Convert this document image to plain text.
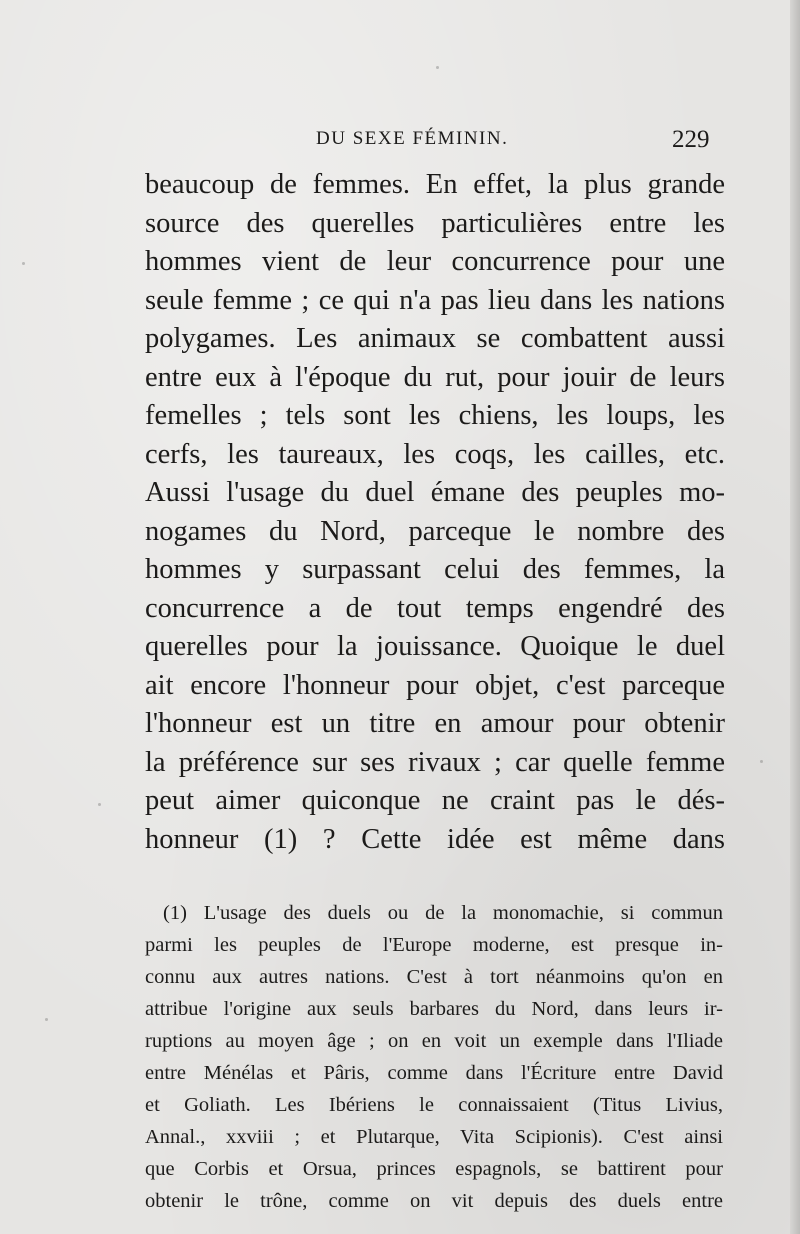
DU SEXE FÉMININ.	229
beaucoup de femmes. En effet, la plus grande
source des querelles particulières entre les
hommes vient de leur concurrence pour une
seule femme ; ce qui n'a pas lieu dans les nations
polygames. Les animaux se combattent aussi
entre eux à l'époque du rut, pour jouir de leurs
femelles ; tels sont les chiens, les loups, les
cerfs, les taureaux, les coqs, les cailles, etc.
Aussi l'usage du duel émane des peuples mo-
nogames du Nord, parceque le nombre des
hommes y surpassant celui des femmes, la
concurrence a de tout temps engendré des
querelles pour la jouissance. Quoique le duel
ait encore l'honneur pour objet, c'est parceque
l'honneur est un titre en amour pour obtenir
la préférence sur ses rivaux ; car quelle femme
peut aimer quiconque ne craint pas le dés-
honneur (1) ? Cette idée est même dans
(1) L'usage des duels ou de la monomachie, si commun
parmi les peuples de l'Europe moderne, est presque in-
connu aux autres nations. C'est à tort néanmoins qu'on en
attribue l'origine aux seuls barbares du Nord, dans leurs ir-
ruptions au moyen âge ; on en voit un exemple dans l'Iliade
entre Ménélas et Pâris, comme dans l'Écriture entre David
et Goliath. Les Ibériens le connaissaient (Titus Livius,
Annal., xxviii ; et Plutarque, Vita Scipionis). C'est ainsi
que Corbis et Orsua, princes espagnols, se battirent pour
obtenir le trône, comme on vit depuis des duels entre
